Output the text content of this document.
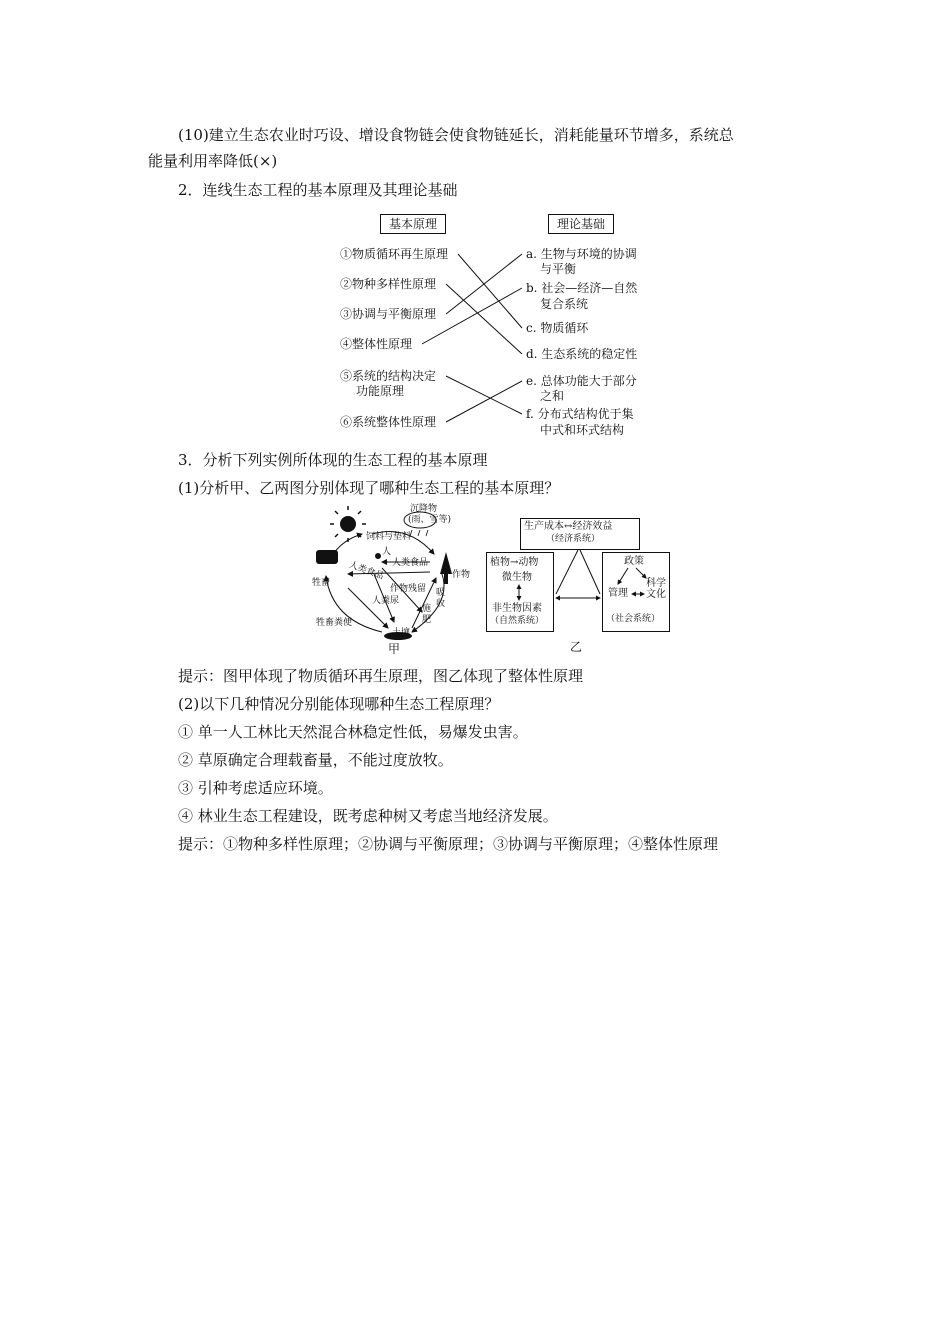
(10)建立生态农业时巧设、增设食物链会使食物链延长，消耗能量环节增多，系统总
能量利用率降低(×)
2．连线生态工程的基本原理及其理论基础
基本原理	理论基础
①物质循环再生原理
②物种多样性原理
③协调与平衡原理
④整体性原理
⑤系统的结构决定
功能原理
⑥系统整体性原理
a. 生物与环境的协调
与平衡
b. 社会—经济—自然
复合系统
c. 物质循环
d. 生态系统的稳定性
e. 总体功能大于部分
之和
f. 分布式结构优于集
中式和环式结构
3．分析下列实例所体现的生态工程的基本原理
(1)分析甲、乙两图分别体现了哪种生态工程的基本原理？
沉降物
(雨、雪等)
饲料与垫料
人
人类食品
作物
牲畜
人类食品
作物残留
人粪尿
牲畜粪便
土壤
吸收
施肥
甲
生产成本↔经济效益
（经济系统）
植物→动物
微生物
非生物因素
（自然系统）
政策
科学
文化
管理
（社会系统）
乙
提示：图甲体现了物质循环再生原理，图乙体现了整体性原理
(2)以下几种情况分别能体现哪种生态工程原理？
① 单一人工林比天然混合林稳定性低，易爆发虫害。
② 草原确定合理载畜量，不能过度放牧。
③ 引种考虑适应环境。
④ 林业生态工程建设，既考虑种树又考虑当地经济发展。
提示：①物种多样性原理；②协调与平衡原理；③协调与平衡原理；④整体性原理
